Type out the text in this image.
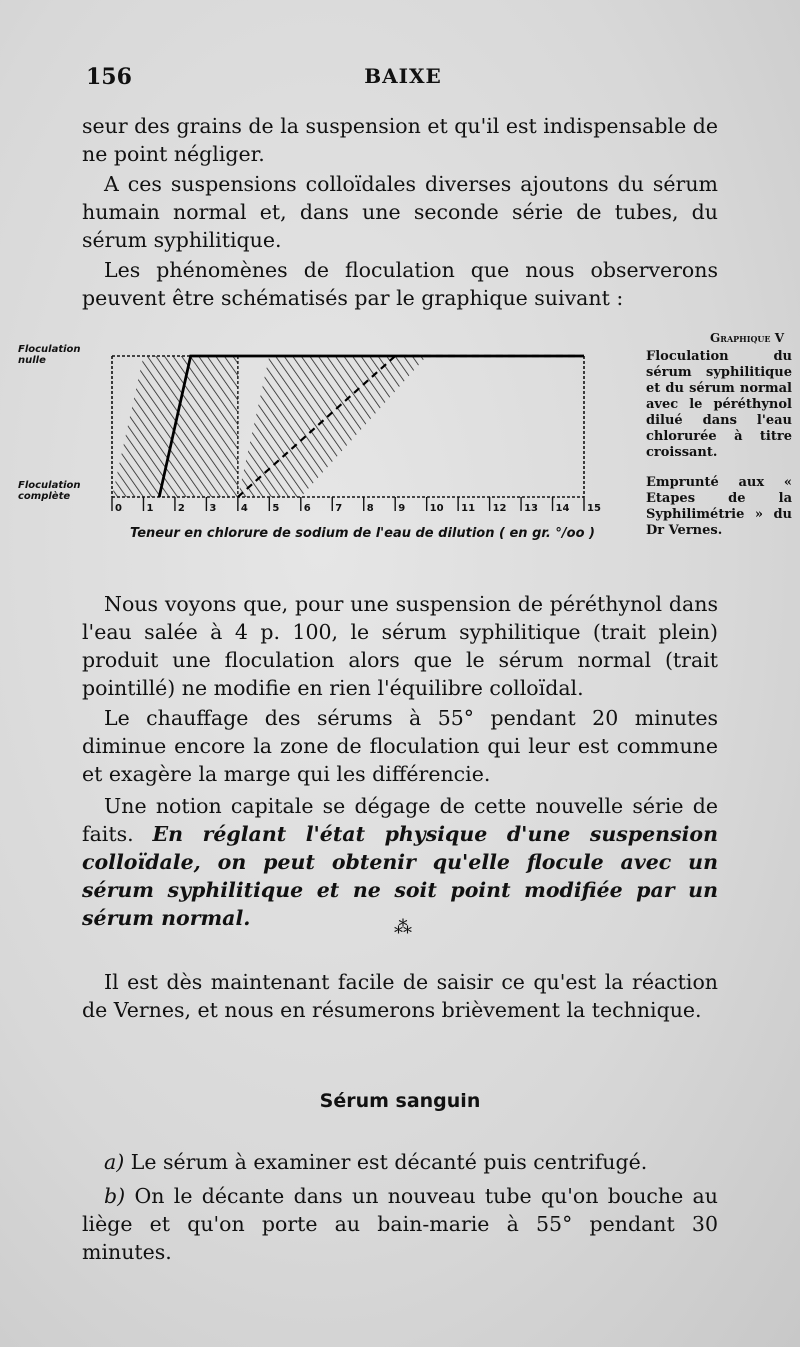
156	BAIXE
seur des grains de la suspension et qu'il est indispensable de ne point négliger.
A ces suspensions colloïdales diverses ajoutons du sérum humain normal et, dans une seconde série de tubes, du sérum syphilitique.
Les phénomènes de floculation que nous observerons peuvent être schématisés par le graphique suivant :
Floculation nulle
Floculation complète
0 1 2 3 4 5 6 7 8 9 10 11 12 13 14 15
Teneur en chlorure de sodium de l'eau de dilution ( en gr. °/oo )
Graphique V
Floculation du sérum syphilitique et du sérum normal avec le péréthynol dilué dans l'eau chlorurée à titre croissant.
Emprunté aux « Etapes de la Syphilimétrie » du Dr Vernes.
Nous voyons que, pour une suspension de péréthynol dans l'eau salée à 4 p. 100, le sérum syphilitique (trait plein) produit une floculation alors que le sérum normal (trait pointillé) ne modifie en rien l'équilibre colloïdal.
Le chauffage des sérums à 55° pendant 20 minutes diminue encore la zone de floculation qui leur est commune et exagère la marge qui les différencie.
Une notion capitale se dégage de cette nouvelle série de faits. En réglant l'état physique d'une suspension colloïdale, on peut obtenir qu'elle flocule avec un sérum syphilitique et ne soit point modifiée par un sérum normal.	⁂
Il est dès maintenant facile de saisir ce qu'est la réaction de Vernes, et nous en résumerons brièvement la technique.
Sérum sanguin
a) Le sérum à examiner est décanté puis centrifugé.
b) On le décante dans un nouveau tube qu'on bouche au liège et qu'on porte au bain-marie à 55° pendant 30 minutes.
